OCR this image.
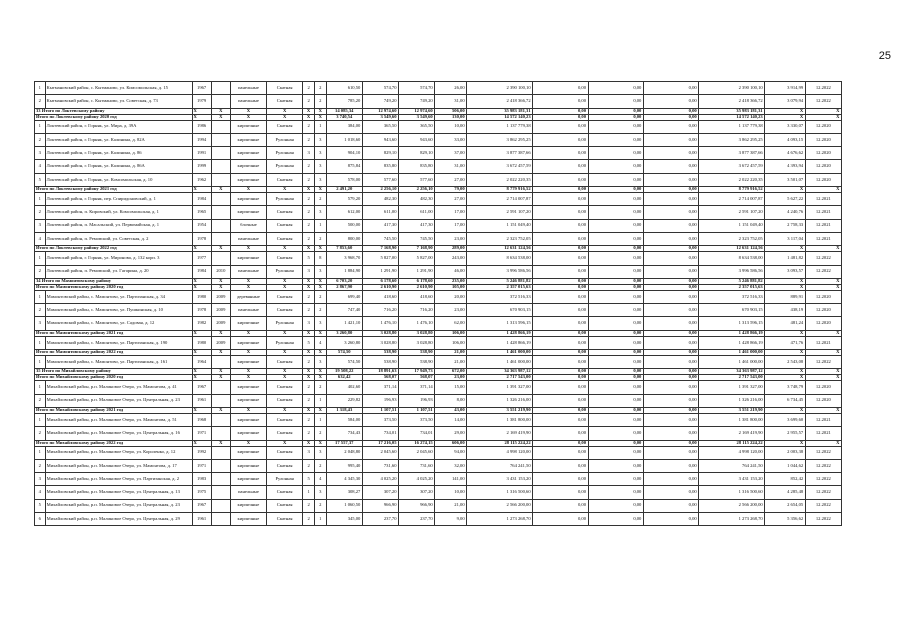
25
1	Кытмановский район, с. Кытманово, ул. Комсомольская, д. 15	1967		панельные	Скатная	2	2	610,50	574,70	574,70	26,00	2 390 100,10	0,00	0,00	0,00	2 390 100,10	3 914,99	12.2022
2	Кытмановский район, с. Кытманово, ул. Советская, д. 73	1979		панельные	Скатная	2	2	785,20	749,20	749,20	31,00	2 418 366,72	0,00	0,00	0,00	2 418 366,72	3 079,94	12.2022
33 Итого по Локтевскому району		Х	Х	Х	Х	Х	Х	14 085,34	12 974,60	12 974,60	506,00	35 983 181,31	0,00	0,00	0,00	35 983 181,31	Х	Х
Итого по Локтевскому району 2020 год		Х	Х	Х	Х	Х	Х	3 740,54	3 549,60	3 549,60	130,00	14 572 140,23	0,00	0,00	0,00	14 572 140,23	Х	Х
1	Локтевский район, г. Горняк, ул. Мира, д. 39А	1986		кирпичные	Скатная	2	1	384,00	365,50	365,50	10,00	1 137 779,38	0,00	0,00	0,00	1 137 779,38	3 330,07	12.2020
2	Локтевский район, г. Горняк, ул. Калинина, д. 82А	1994		кирпичные	Рулонная	2	3	1 018,60	943,60	943,60	33,00	3 862 295,25	0,00	0,00	0,00	3 862 295,25	4 093,15	12.2020
3	Локтевский район, г. Горняк, ул. Калинина, д. 86	1991		кирпичные	Рулонная	3	3	904,10	829,10	829,10	37,00	3 877 387,66	0,00	0,00	0,00	3 877 387,66	4 676,62	12.2020
4	Локтевский район, г. Горняк, ул. Калинина, д. 86А	1999		кирпичные	Рулонная	2	3	875,84	835,80	835,80	31,00	3 672 457,59	0,00	0,00	0,00	3 672 457,59	4 393,94	12.2020
5	Локтевский район, г. Горняк, ул. Комсомольская, д. 10	1962		кирпичные	Скатная	2	3	578,00	577,60	577,60	27,00	2 022 220,35	0,00	0,00	0,00	2 022 220,35	3 501,07	12.2020
Итого по Локтевскому району 2021 год		Х	Х	Х	Х	Х	Х	2 491,20	2 256,10	2 256,10	79,00	8 779 916,52	0,00	0,00	0,00	8 779 916,52	Х	Х
1	Локтевский район, г. Горняк, пер. Спиридоновский, д. 1	1984		кирпичные	Рулонная	2	2	579,20	482,30	482,30	27,00	2 714 007,87	0,00	0,00	0,00	2 714 007,87	5 627,22	12.2021
2	Локтевский район, п. Кировский, ул. Комсомольская, д. 1	1965		кирпичные	Скатная	2	3	612,00	611,00	611,00	17,00	2 591 107,20	0,00	0,00	0,00	2 591 107,20	4 240,76	12.2021
3	Локтевский район, п. Масальский, ул. Первомайская, д. 1	1954		блочные	Скатная	2	1	500,00	417,30	417,30	17,00	1 151 049,40	0,00	0,00	0,00	1 151 049,40	2 758,33	12.2021
4	Локтевский район, п. Ремовский, ул. Советская, д. 2	1978		панельные	Скатная	2	2	800,00	745,50	745,50	23,00	2 323 752,05	0,00	0,00	0,00	2 323 752,05	3 117,04	12.2021
Итого по Локтевскому району 2022 год		Х	Х	Х	Х	Х	Х	7 853,60	7 168,90	7 168,90	289,00	12 631 124,56	0,00	0,00	0,00	12 631 124,56	Х	Х
1	Локтевский район, г. Горняк, ул. Миронова, д. 132 корп. 3	1977		кирпичные	Скатная	5	8	3 968,70	5 827,00	5 827,00	243,00	8 634 538,00	0,00	0,00	0,00	8 634 538,00	1 481,82	12.2022
2	Локтевский район, п. Ремовский, ул. Гагарина, д. 20	1984	2010	панельные	Рулонная	3	3	1 884,90	1 291,90	1 291,90	46,00	3 996 586,56	0,00	0,00	0,00	3 996 586,56	3 093,57	12.2022
34 Итого по Мамонтовскому району		Х	Х	Х	Х	Х	Х	6 703,20	6 178,60	6 178,60	235,00	5 246 881,82	0,00	0,00	0,00	5 246 881,82	Х	Х
Итого по Мамонтовскому району 2020 год		Х	Х	Х	Х	Х	Х	2 867,90	2 610,90	2 610,90	105,00	2 357 015,63	0,00	0,00	0,00	2 357 015,63	Х	Х
1	Мамонтовский район, с. Мамонтово, ул. Партизанская, д. 34	1980	2009	деревянные	Скатная	2	2	699,40	418,60	418,60	20,00	372 516,33	0,00	0,00	0,00	372 516,33	889,91	12.2020
2	Мамонтовский район, с. Мамонтово, ул. Пушкинская, д. 10	1978	2009	панельные	Скатная	2	2	747,40	716,20	716,20	23,00	670 903,15	0,00	0,00	0,00	670 903,15	438,19	12.2020
3	Мамонтовский район, с. Мамонтово, ул. Садовая, д. 12	1982	2009	кирпичные	Рулонная	3	3	1 421,10	1 476,10	1 476,10	62,00	1 313 596,15	0,00	0,00	0,00	1 313 596,15	481,24	12.2020
Итого по Мамонтовскому району 2021 год		Х	Х	Х	Х	Х	Х	3 260,80	3 028,80	3 028,80	106,00	1 428 866,19	0,00	0,00	0,00	1 428 866,19	Х	Х
1	Мамонтовский район, с. Мамонтово, ул. Партизанская, д. 190	1980	2009	кирпичные	Рулонная	5	4	3 260,80	3 028,80	3 028,80	106,00	1 428 866,19	0,00	0,00	0,00	1 428 866,19	471,76	12.2021
Итого по Мамонтовскому району 2022 год		Х	Х	Х	Х	Х	Х	574,50	538,90	538,90	21,00	1 461 000,00	0,00	0,00	0,00	1 461 000,00	Х	Х
1	Мамонтовский район, с. Мамонтово, ул. Партизанская, д. 161	1964		кирпичные	Скатная	2	3	574,50	538,90	538,90	21,00	1 461 000,00	0,00	0,00	0,00	1 461 000,00	2 543,08	12.2022
35 Итого по Михайловскому району		Х	Х	Х	Х	Х	Х	19 508,22	18 891,63	17 949,73	672,00	34 363 987,12	0,00	0,00	0,00	34 363 987,12	Х	Х
Итого по Михайловскому району 2020 год		Х	Х	Х	Х	Х	Х	632,42	568,07	568,07	23,00	2 717 543,00	0,00	0,00	0,00	2 717 543,00	Х	Х
1	Михайловский район, р.п. Малиновое Озеро, ул. Мамонтова, д. 41	1967		кирпичные	Скатная	2	2	402,60	371,14	371,14	15,00	1 391 327,00	0,00	0,00	0,00	1 391 327,00	3 748,79	12.2020
2	Михайловский район, р.п. Малиновое Озеро, ул. Центральная, д. 23	1961		кирпичные	Скатная	2	1	229,82	196,93	196,93	8,00	1 326 216,00	0,00	0,00	0,00	1 326 216,00	6 734,45	12.2020
Итого по Михайловскому району 2021 год		Х	Х	Х	Х	Х	Х	1 318,43	1 107,51	1 107,51	43,00	3 551 219,90	0,00	0,00	0,00	3 551 219,90	Х	Х
1	Михайловский район, р.п. Малиновое Озеро, ул. Мамонтова, д. 51	1968		кирпичные	Скатная	2	1	584,00	373,50	373,50	14,00	1 381 800,00	0,00	0,00	0,00	1 381 800,00	3 699,60	12.2021
2	Михайловский район, р.п. Малиновое Озеро, ул. Центральная, д. 16	1971		кирпичные	Скатная	2	2	734,43	734,01	734,01	29,00	2 169 419,90	0,00	0,00	0,00	2 169 419,90	2 955,57	12.2021
Итого по Михайловскому району 2022 год		Х	Х	Х	Х	Х	Х	17 557,37	17 216,05	16 274,15	606,00	28 115 224,22	0,00	0,00	0,00	28 115 224,22	Х	Х
1	Михайловский район, р.п. Малиновое Озеро, ул. Короленко, д. 12	1992		кирпичные	Скатная	3	3	2 048,80	2 045,60	2 045,60	94,00	4 998 120,00	0,00	0,00	0,00	4 998 120,00	2 003,38	12.2022
2	Михайловский район, р.п. Малиновое Озеро, ул. Мамонтова, д. 17	1971		кирпичные	Скатная	2	2	995,40	731,60	731,60	32,00	764 241,50	0,00	0,00	0,00	764 241,50	1 044,62	12.2022
3	Михайловский район, р.п. Малиновое Озеро, ул. Партизанская, д. 2	1983		кирпичные	Рулонная	5	4	4 345,30	4 025,20	4 025,20	141,00	3 431 153,20	0,00	0,00	0,00	3 431 153,20	852,42	12.2022
4	Михайловский район, р.п. Малиновое Озеро, ул. Центральная, д. 13	1975		панельные	Скатная	1	3	308,27	307,20	307,20	10,00	1 316 500,60	0,00	0,00	0,00	1 316 500,60	4 285,48	12.2022
5	Михайловский район, р.п. Малиновое Озеро, ул. Центральная, д. 23	1967		кирпичные	Скатная	2	2	1 060,50	966,90	966,90	21,00	2 566 200,00	0,00	0,00	0,00	2 566 200,00	2 654,05	12.2022
6	Михайловский район, р.п. Малиновое Озеро, ул. Центральная, д. 29	1961		кирпичные	Скатная	2	1	345,00	237,70	237,70	9,00	1 273 268,70	0,00	0,00	0,00	1 273 268,70	5 356,62	12.2022
